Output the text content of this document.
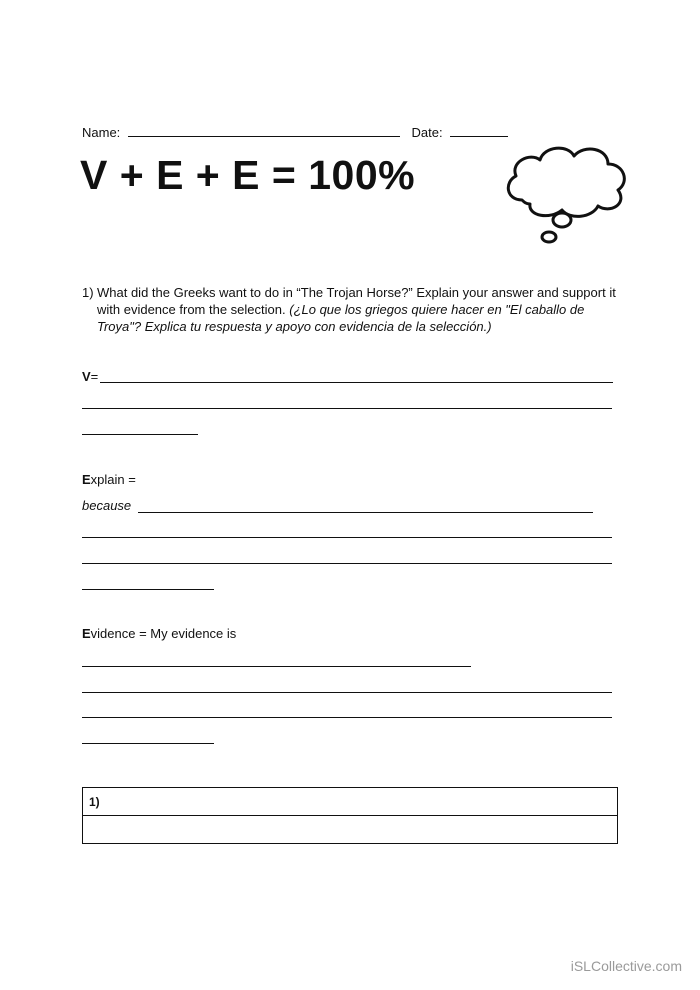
Name:	Date:
V + E + E = 100%
1) What did the Greeks want to do in “The Trojan Horse?” Explain your answer and support it with evidence from the selection. (¿Lo que los griegos quiere hacer en "El caballo de Troya"? Explica tu respuesta y apoyo con evidencia de la selección.)
V=
Explain =
because
Evidence = My evidence is
1)

iSLCollective.com
